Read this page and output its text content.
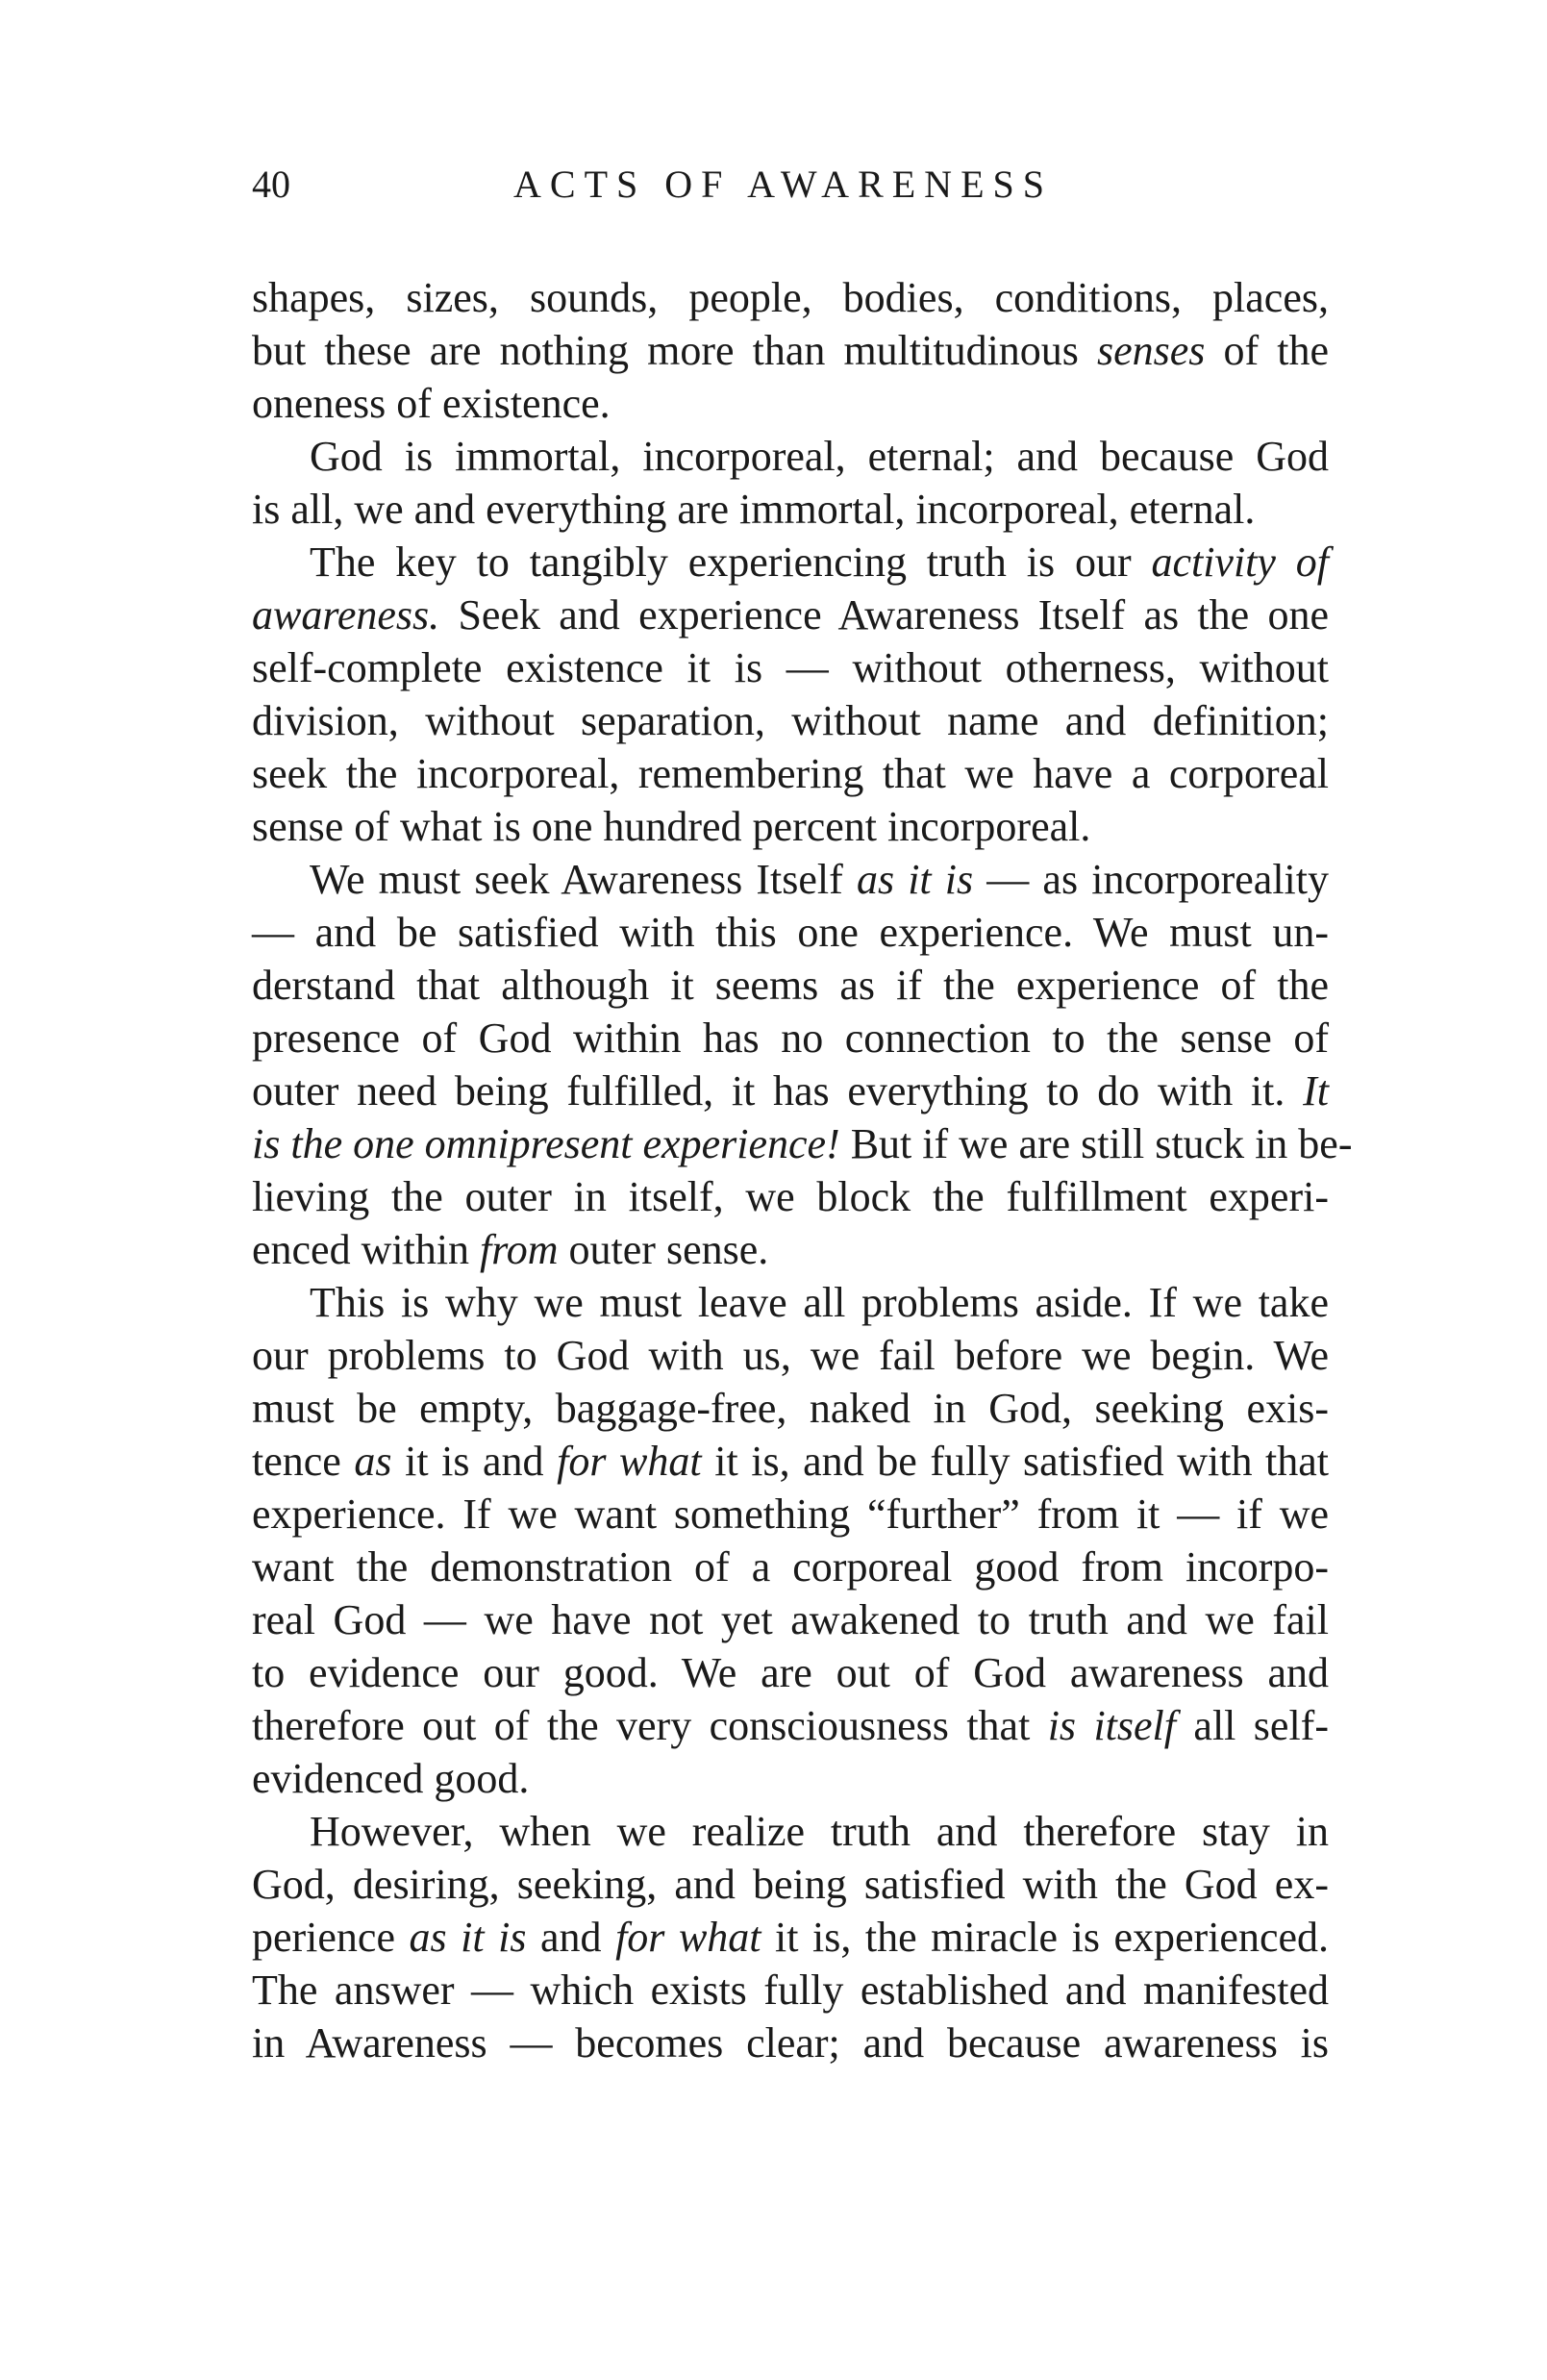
40	ACTS OF AWARENESS
shapes, sizes, sounds, people, bodies, conditions, places,
but these are nothing more than multitudinous senses of the
oneness of existence.
God is immortal, incorporeal, eternal; and because God
is all, we and everything are immortal, incorporeal, eternal.
The key to tangibly experiencing truth is our activity of
awareness. Seek and experience Awareness Itself as the one
self-complete existence it is — without otherness, without
division, without separation, without name and definition;
seek the incorporeal, remembering that we have a corporeal
sense of what is one hundred percent incorporeal.
We must seek Awareness Itself as it is — as incorporeality
— and be satisfied with this one experience. We must un-
derstand that although it seems as if the experience of the
presence of God within has no connection to the sense of
outer need being fulfilled, it has everything to do with it. It
is the one omnipresent experience! But if we are still stuck in be-
lieving the outer in itself, we block the fulfillment experi-
enced within from outer sense.
This is why we must leave all problems aside. If we take
our problems to God with us, we fail before we begin. We
must be empty, baggage-free, naked in God, seeking exis-
tence as it is and for what it is, and be fully satisfied with that
experience. If we want something “further” from it — if we
want the demonstration of a corporeal good from incorpo-
real God — we have not yet awakened to truth and we fail
to evidence our good. We are out of God awareness and
therefore out of the very consciousness that is itself all self-
evidenced good.
However, when we realize truth and therefore stay in
God, desiring, seeking, and being satisfied with the God ex-
perience as it is and for what it is, the miracle is experienced.
The answer — which exists fully established and manifested
in Awareness — becomes clear; and because awareness is
